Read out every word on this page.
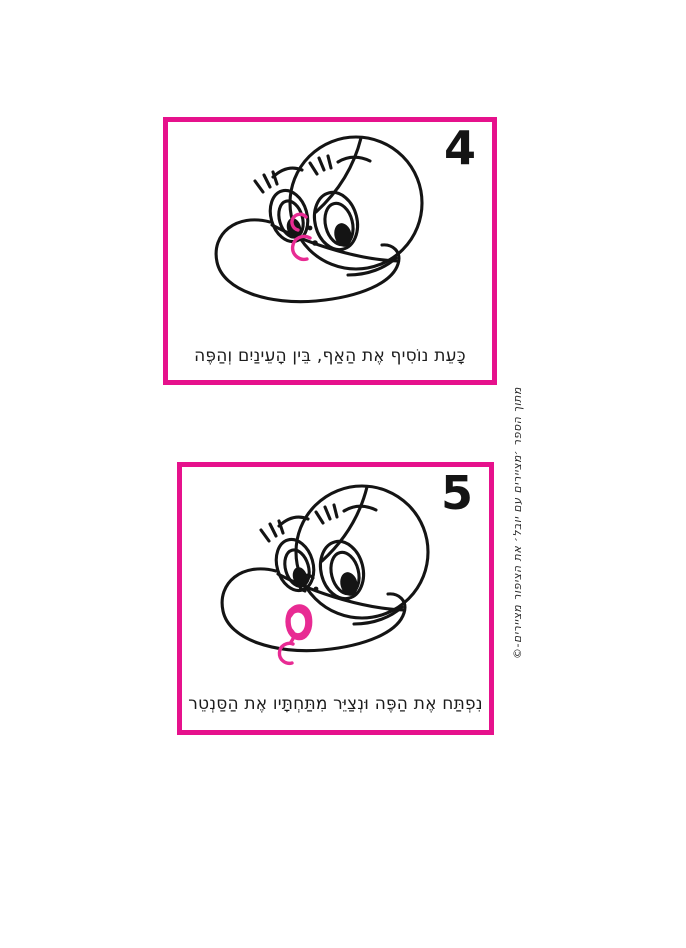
4
כָּעֵת נוֹסִיף אֶת הַאַף, בֵּין הָעֵינַיִם וְהַפֶּה
5
נִפְתַּח אֶת הַפֶּה וּנְצַיֵּר מִתַּחְתָּיו אֶת הַסַּנְטֵר
מתוך הספר ׳מציירים עם יובל׳ את הציפור מציירים-©
